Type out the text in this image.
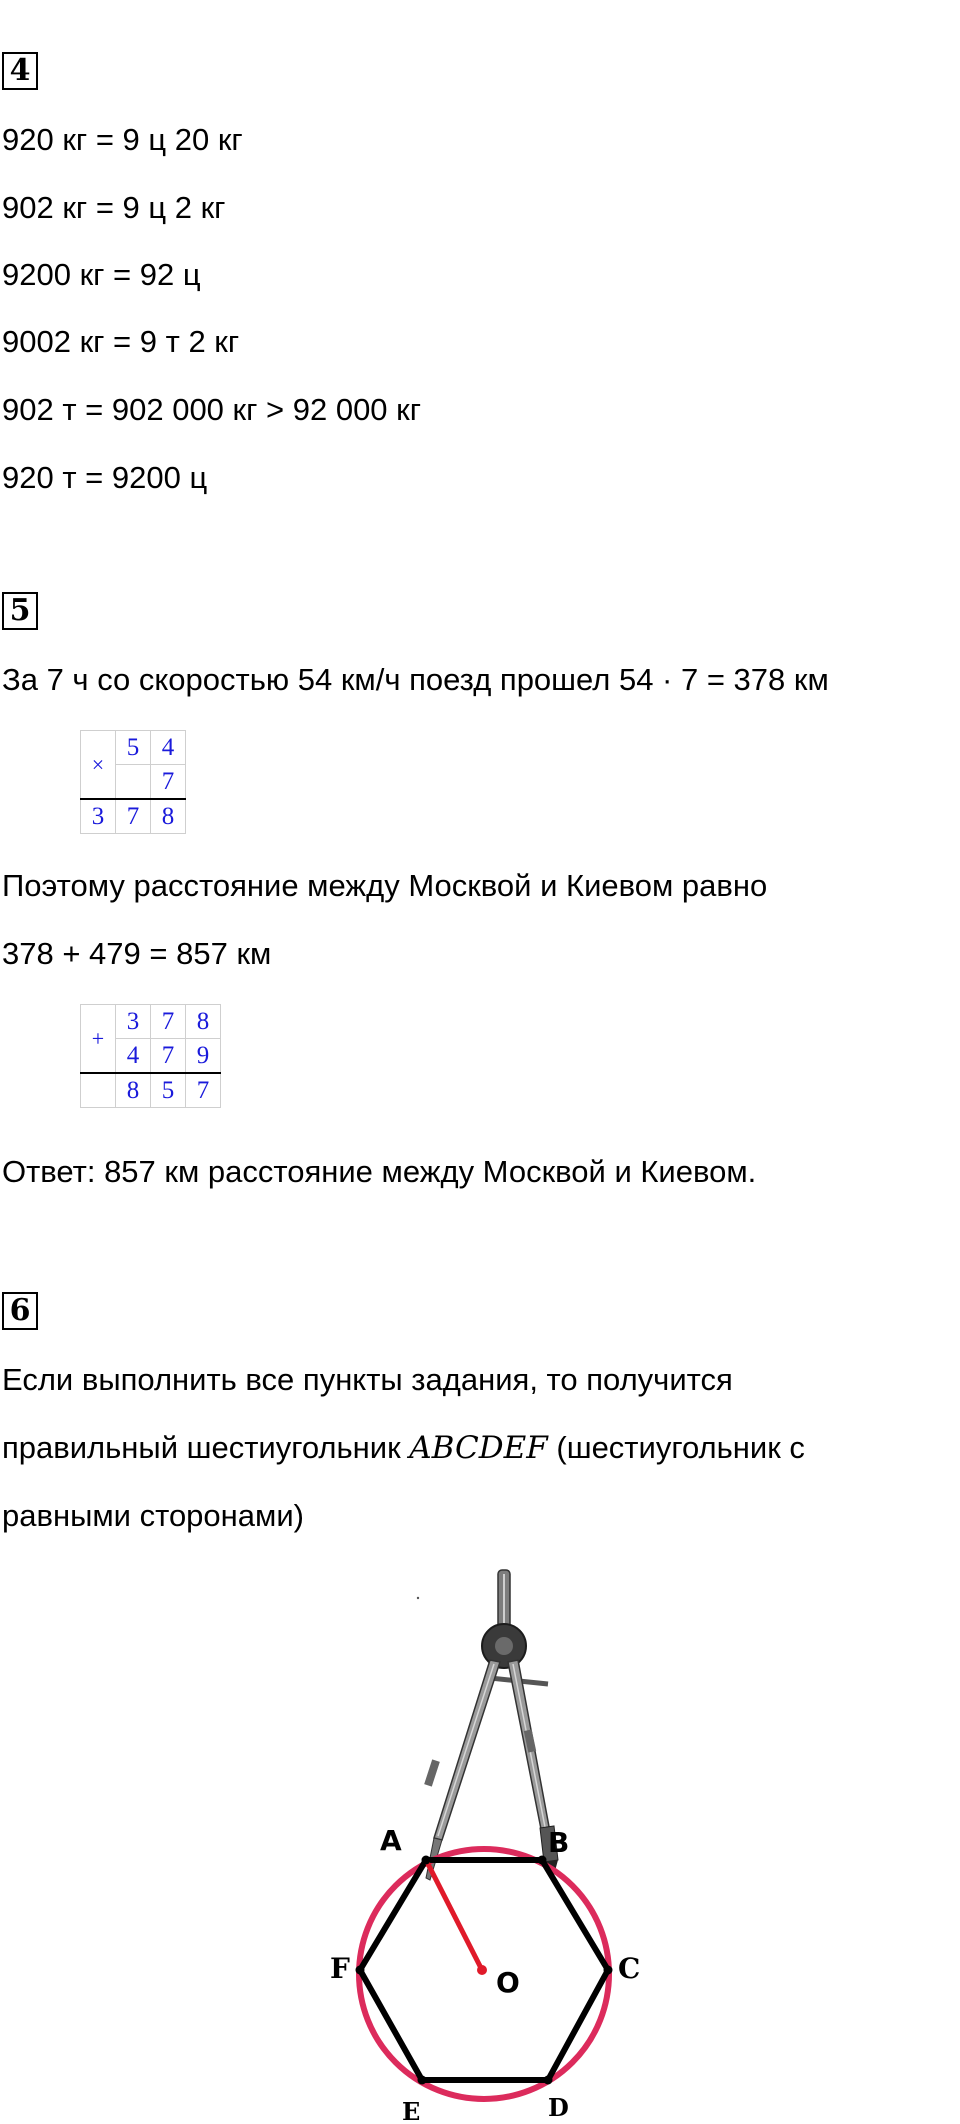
4
920 кг = 9 ц 20 кг
902 кг = 9 ц 2 кг
9200 кг = 92 ц
9002 кг = 9 т 2 кг
902 т = 902 000 кг > 92 000 кг
920 т = 9200 ц
5
За 7 ч со скоростью 54 км/ч поезд прошел 54 · 7 = 378 км
×	5	4
		7
3	7	8
Поэтому расстояние между Москвой и Киевом равно
378 + 479 = 857 км
+	3	7	8
	4	7	9
	8	5	7
Ответ: 857 км расстояние между Москвой и Киевом.
6
Если выполнить все пункты задания, то получится
правильный шестиугольник ABCDEF (шестиугольник с
равными сторонами)
A	B
C
D
E
F	O
